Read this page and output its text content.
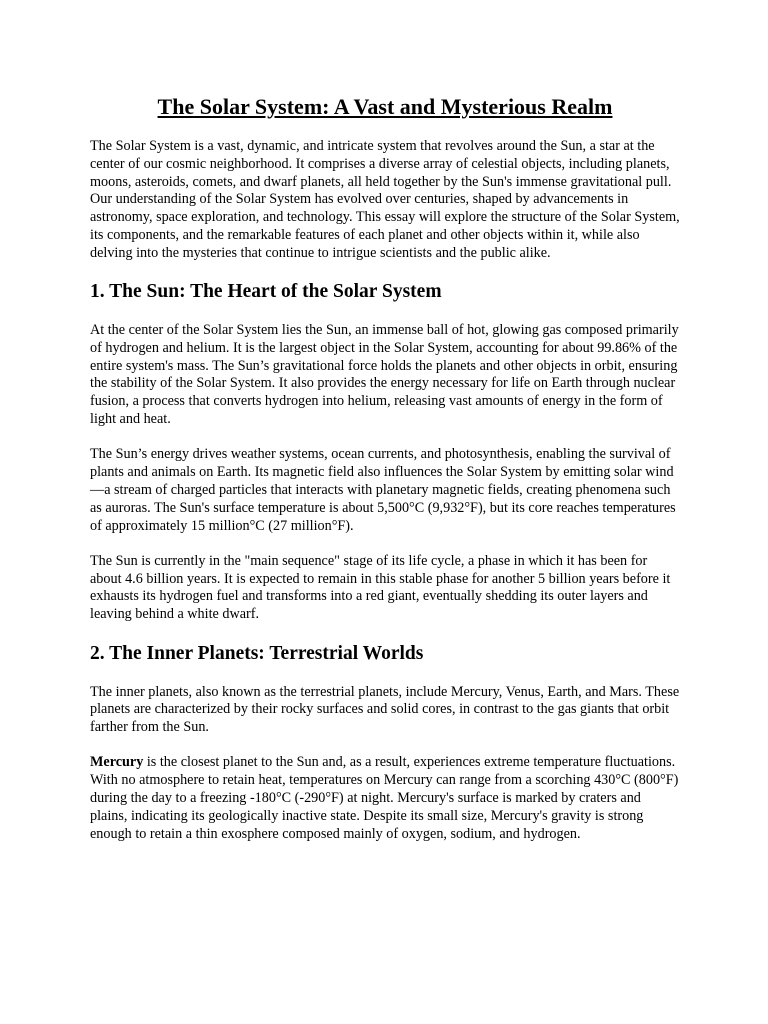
The Solar System: A Vast and Mysterious Realm

The Solar System is a vast, dynamic, and intricate system that revolves around the Sun, a star at the center of our cosmic neighborhood. It comprises a diverse array of celestial objects, including planets, moons, asteroids, comets, and dwarf planets, all held together by the Sun's immense gravitational pull. Our understanding of the Solar System has evolved over centuries, shaped by advancements in astronomy, space exploration, and technology. This essay will explore the structure of the Solar System, its components, and the remarkable features of each planet and other objects within it, while also delving into the mysteries that continue to intrigue scientists and the public alike.

1. The Sun: The Heart of the Solar System

At the center of the Solar System lies the Sun, an immense ball of hot, glowing gas composed primarily of hydrogen and helium. It is the largest object in the Solar System, accounting for about 99.86% of the entire system's mass. The Sun’s gravitational force holds the planets and other objects in orbit, ensuring the stability of the Solar System. It also provides the energy necessary for life on Earth through nuclear fusion, a process that converts hydrogen into helium, releasing vast amounts of energy in the form of light and heat.

The Sun’s energy drives weather systems, ocean currents, and photosynthesis, enabling the survival of plants and animals on Earth. Its magnetic field also influences the Solar System by emitting solar wind—a stream of charged particles that interacts with planetary magnetic fields, creating phenomena such as auroras. The Sun's surface temperature is about 5,500°C (9,932°F), but its core reaches temperatures of approximately 15 million°C (27 million°F).

The Sun is currently in the "main sequence" stage of its life cycle, a phase in which it has been for about 4.6 billion years. It is expected to remain in this stable phase for another 5 billion years before it exhausts its hydrogen fuel and transforms into a red giant, eventually shedding its outer layers and leaving behind a white dwarf.

2. The Inner Planets: Terrestrial Worlds

The inner planets, also known as the terrestrial planets, include Mercury, Venus, Earth, and Mars. These planets are characterized by their rocky surfaces and solid cores, in contrast to the gas giants that orbit farther from the Sun.

Mercury is the closest planet to the Sun and, as a result, experiences extreme temperature fluctuations. With no atmosphere to retain heat, temperatures on Mercury can range from a scorching 430°C (800°F) during the day to a freezing -180°C (-290°F) at night. Mercury's surface is marked by craters and plains, indicating its geologically inactive state. Despite its small size, Mercury's gravity is strong enough to retain a thin exosphere composed mainly of oxygen, sodium, and hydrogen.
